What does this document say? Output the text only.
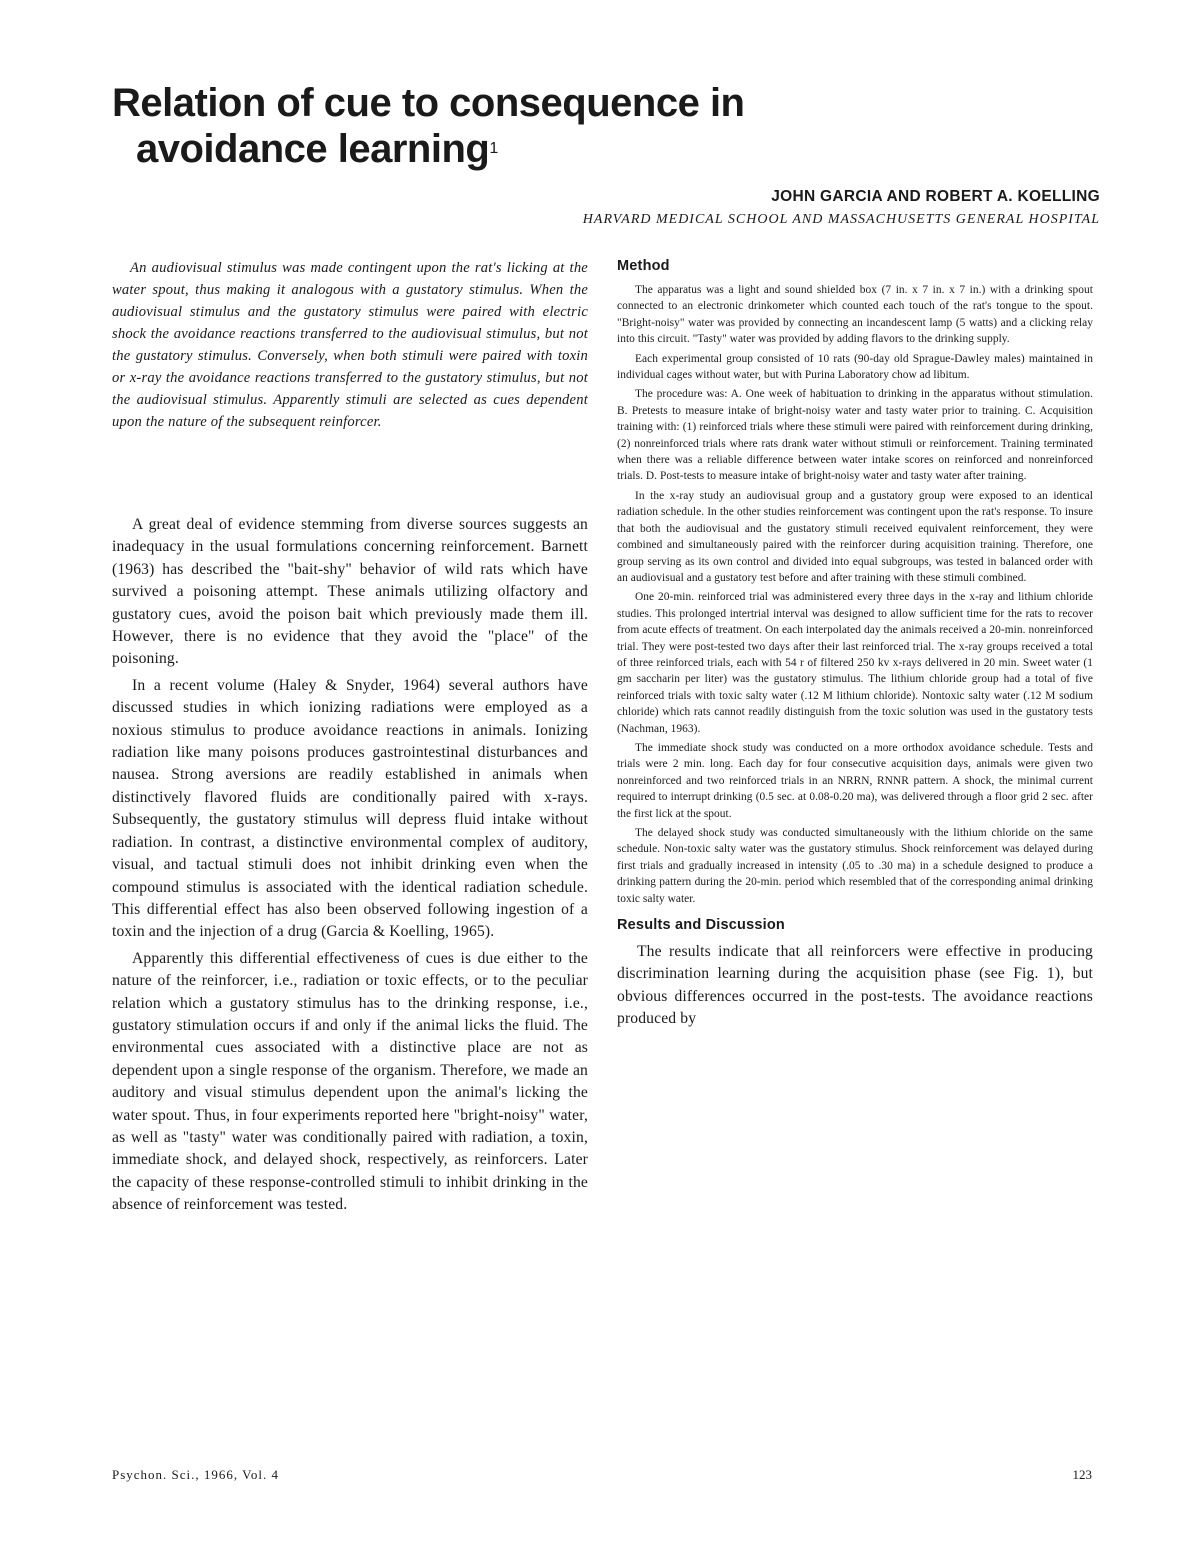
Relation of cue to consequence in
avoidance learning$^1$

JOHN GARCIA AND ROBERT A. KOELLING

HARVARD MEDICAL SCHOOL AND MASSACHUSETTS GENERAL HOSPITAL

An audiovisual stimulus was made contingent upon the rat's licking at the water spout, thus making it analogous with a gustatory stimulus. When the audiovisual stimulus and the gustatory stimulus were paired with electric shock the avoidance reactions transferred to the audiovisual stimulus, but not the gustatory stimulus. Conversely, when both stimuli were paired with toxin or x-ray the avoidance reactions transferred to the gustatory stimulus, but not the audiovisual stimulus. Apparently stimuli are selected as cues dependent upon the nature of the subsequent reinforcer.

A great deal of evidence stemming from diverse sources suggests an inadequacy in the usual formulations concerning reinforcement. Barnett (1963) has described the "bait-shy" behavior of wild rats which have survived a poisoning attempt. These animals utilizing olfactory and gustatory cues, avoid the poison bait which previously made them ill. However, there is no evidence that they avoid the "place" of the poisoning.

In a recent volume (Haley & Snyder, 1964) several authors have discussed studies in which ionizing radiations were employed as a noxious stimulus to produce avoidance reactions in animals. Ionizing radiation like many poisons produces gastrointestinal disturbances and nausea. Strong aversions are readily established in animals when distinctively flavored fluids are conditionally paired with x-rays. Subsequently, the gustatory stimulus will depress fluid intake without radiation. In contrast, a distinctive environmental complex of auditory, visual, and tactual stimuli does not inhibit drinking even when the compound stimulus is associated with the identical radiation schedule. This differential effect has also been observed following ingestion of a toxin and the injection of a drug (Garcia & Koelling, 1965).

Apparently this differential effectiveness of cues is due either to the nature of the reinforcer, i.e., radiation or toxic effects, or to the peculiar relation which a gustatory stimulus has to the drinking response, i.e., gustatory stimulation occurs if and only if the animal licks the fluid. The environmental cues associated with a distinctive place are not as dependent upon a single response of the organism. Therefore, we made an auditory and visual stimulus dependent upon the animal's licking the water spout. Thus, in four experiments reported here "bright-noisy" water, as well as "tasty" water was conditionally paired with radiation, a toxin, immediate shock, and delayed shock, respectively, as reinforcers. Later the capacity of these response-controlled stimuli to inhibit drinking in the absence of reinforcement was tested.

Method

The apparatus was a light and sound shielded box (7 in. x 7 in. x 7 in.) with a drinking spout connected to an electronic drinkometer which counted each touch of the rat's tongue to the spout. "Bright-noisy" water was provided by connecting an incandescent lamp (5 watts) and a clicking relay into this circuit. "Tasty" water was provided by adding flavors to the drinking supply.

Each experimental group consisted of 10 rats (90-day old Sprague-Dawley males) maintained in individual cages without water, but with Purina Laboratory chow ad libitum.

The procedure was: A. One week of habituation to drinking in the apparatus without stimulation. B. Pretests to measure intake of bright-noisy water and tasty water prior to training. C. Acquisition training with: (1) reinforced trials where these stimuli were paired with reinforcement during drinking, (2) nonreinforced trials where rats drank water without stimuli or reinforcement. Training terminated when there was a reliable difference between water intake scores on reinforced and nonreinforced trials. D. Post-tests to measure intake of bright-noisy water and tasty water after training.

In the x-ray study an audiovisual group and a gustatory group were exposed to an identical radiation schedule. In the other studies reinforcement was contingent upon the rat's response. To insure that both the audiovisual and the gustatory stimuli received equivalent reinforcement, they were combined and simultaneously paired with the reinforcer during acquisition training. Therefore, one group serving as its own control and divided into equal subgroups, was tested in balanced order with an audiovisual and a gustatory test before and after training with these stimuli combined.

One 20-min. reinforced trial was administered every three days in the x-ray and lithium chloride studies. This prolonged intertrial interval was designed to allow sufficient time for the rats to recover from acute effects of treatment. On each interpolated day the animals received a 20-min. nonreinforced trial. They were post-tested two days after their last reinforced trial. The x-ray groups received a total of three reinforced trials, each with 54 r of filtered 250 kv x-rays delivered in 20 min. Sweet water (1 gm saccharin per liter) was the gustatory stimulus. The lithium chloride group had a total of five reinforced trials with toxic salty water (.12 M lithium chloride). Nontoxic salty water (.12 M sodium chloride) which rats cannot readily distinguish from the toxic solution was used in the gustatory tests (Nachman, 1963).

The immediate shock study was conducted on a more orthodox avoidance schedule. Tests and trials were 2 min. long. Each day for four consecutive acquisition days, animals were given two nonreinforced and two reinforced trials in an NRRN, RNNR pattern. A shock, the minimal current required to interrupt drinking (0.5 sec. at 0.08-0.20 ma), was delivered through a floor grid 2 sec. after the first lick at the spout.

The delayed shock study was conducted simultaneously with the lithium chloride on the same schedule. Non-toxic salty water was the gustatory stimulus. Shock reinforcement was delayed during first trials and gradually increased in intensity (.05 to .30 ma) in a schedule designed to produce a drinking pattern during the 20-min. period which resembled that of the corresponding animal drinking toxic salty water.

Results and Discussion

The results indicate that all reinforcers were effective in producing discrimination learning during the acquisition phase (see Fig. 1), but obvious differences occurred in the post-tests. The avoidance reactions produced by

Psychon. Sci., 1966, Vol. 4	123
